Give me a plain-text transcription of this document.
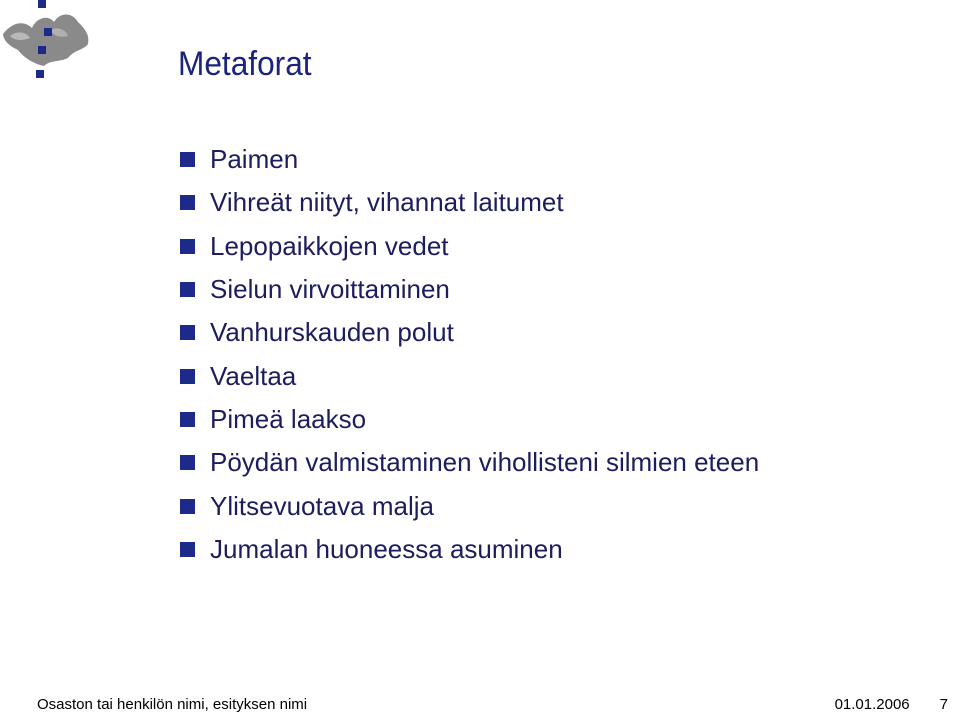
Metaforat
Paimen
Vihreät niityt, vihannat laitumet
Lepopaikkojen vedet
Sielun virvoittaminen
Vanhurskauden polut
Vaeltaa
Pimeä laakso
Pöydän valmistaminen vihollisteni silmien eteen
Ylitsevuotava malja
Jumalan huoneessa asuminen
Osaston tai henkilön nimi, esityksen nimi	01.01.2006 7
